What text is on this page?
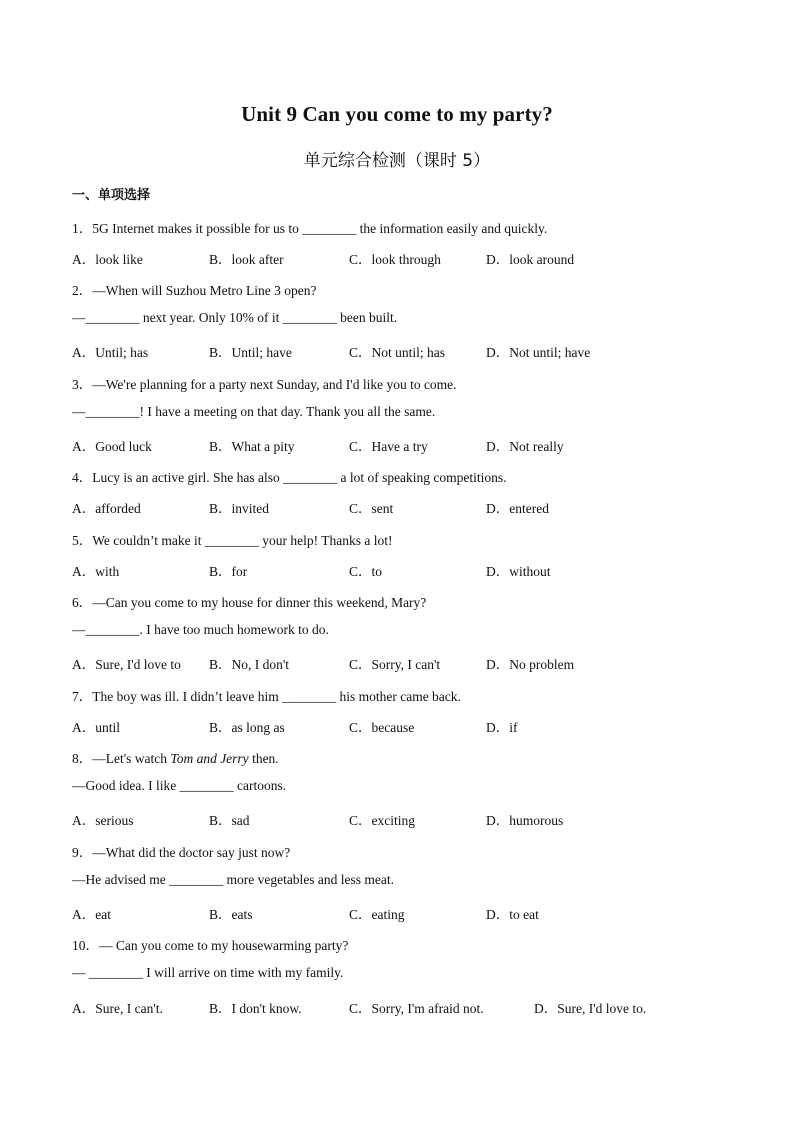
Unit 9 Can you come to my party?
单元综合检测（课时 5）
一、单项选择
1．5G Internet makes it possible for us to ________ the information easily and quickly.
A．look like	B．look after	C．look through	D．look around
2．—When will Suzhou Metro Line 3 open?
—________ next year. Only 10% of it ________ been built.
A．Until; has	B．Until; have	C．Not until; has	D．Not until; have
3．—We're planning for a party next Sunday, and I'd like you to come.
—________! I have a meeting on that day. Thank you all the same.
A．Good luck	B．What a pity	C．Have a try	D．Not really
4．Lucy is an active girl. She has also ________ a lot of speaking competitions.
A．afforded	B．invited	C．sent	D．entered
5．We couldn’t make it ________ your help! Thanks a lot!
A．with	B．for	C．to	D．without
6．—Can you come to my house for dinner this weekend, Mary?
—________. I have too much homework to do.
A．Sure, I'd love to B．No, I don't	C．Sorry, I can't	D．No problem
7．The boy was ill. I didn’t leave him ________ his mother came back.
A．until	B．as long as	C．because	D．if
8．—Let's watch Tom and Jerry then.
—Good idea. I like ________ cartoons.
A．serious	B．sad	C．exciting	D．humorous
9．—What did the doctor say just now?
—He advised me ________ more vegetables and less meat.
A．eat	B．eats	C．eating	D．to eat
10．— Can you come to my housewarming party?
— ________ I will arrive on time with my family.
A．Sure, I can't.	B．I don't know.	C．Sorry, I'm afraid not.	D．Sure, I'd love to.
